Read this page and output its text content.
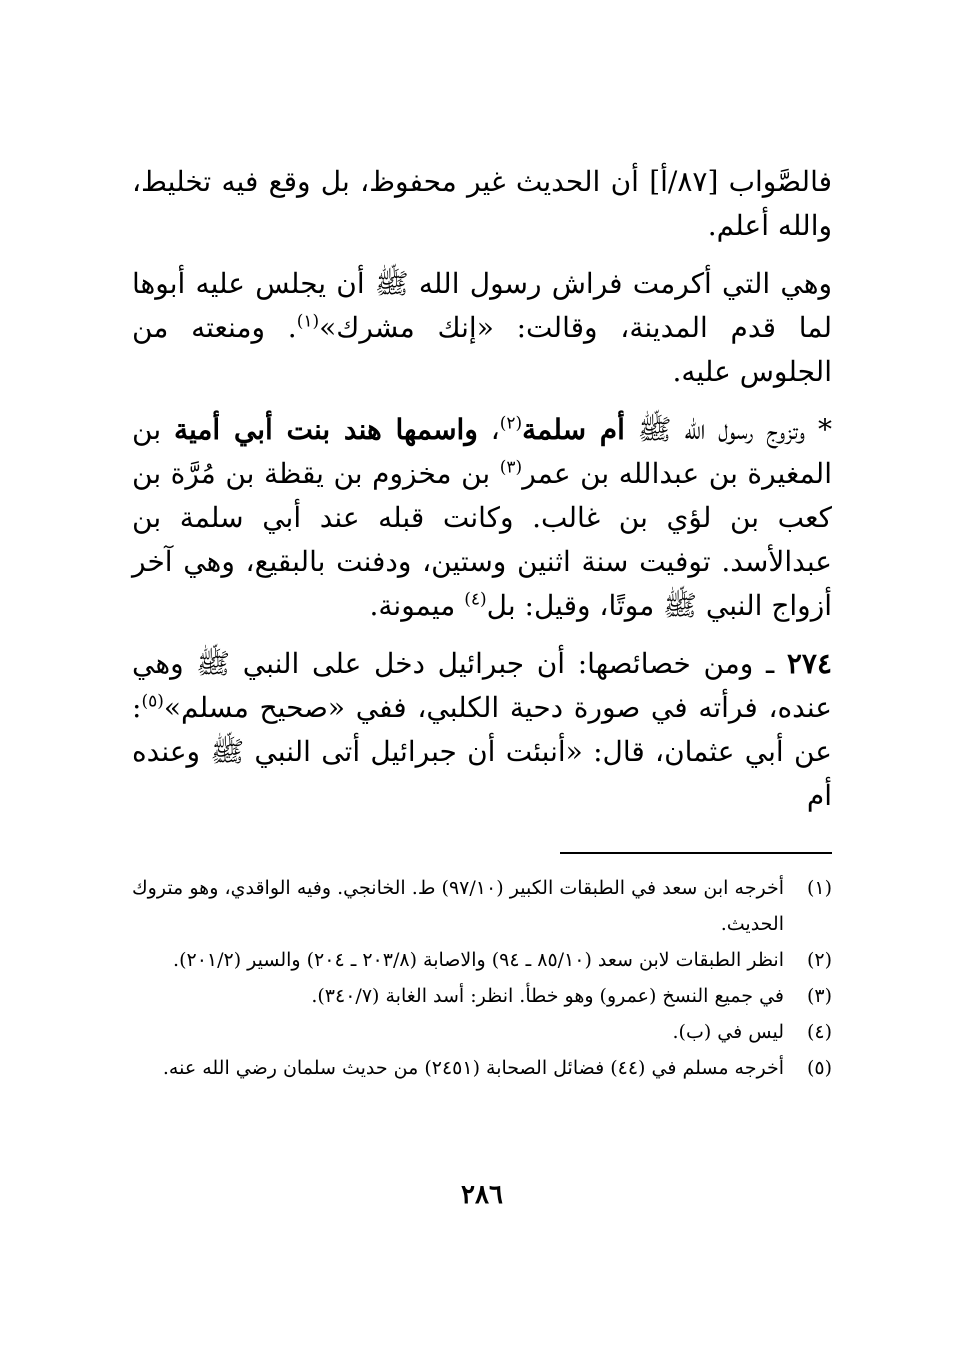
فالصَّواب [٨٧/أ] أن الحديث غير محفوظ، بل وقع فيه تخليط، والله أعلم.

وهي التي أكرمت فراش رسول الله ﷺ أن يجلس عليه أبوها لما قدم المدينة، وقالت: «إنك مشرك»$^{(١)}$. ومنعته من الجلوس عليه.

* وتزوج رسول الله ﷺ أم سلمة$^{(٢)}$، واسمها هند بنت أبي أمية بن المغيرة بن عبدالله بن عمر$^{(٣)}$ بن مخزوم بن يقظة بن مُرَّة بن كعب بن لؤي بن غالب. وكانت قبله عند أبي سلمة بن عبدالأسد. توفيت سنة اثنين وستين، ودفنت بالبقيع، وهي آخر أزواج النبي ﷺ موتًا، وقيل: بل$^{(٤)}$ ميمونة.

٢٧٤ ـ ومن خصائصها: أن جبرائيل دخل على النبي ﷺ وهي عنده، فرأته في صورة دحية الكلبي، ففي «صحيح مسلم»$^{(٥)}$: عن أبي عثمان، قال: «أنبئت أن جبرائيل أتى النبي ﷺ وعنده أم

(١)
أخرجه ابن سعد في الطبقات الكبير (٩٧/١٠) ط. الخانجي. وفيه الواقدي، وهو متروك الحديث.
(٢)
انظر الطبقات لابن سعد (٨٥/١٠ ـ ٩٤) والاصابة (٢٠٣/٨ ـ ٢٠٤) والسير (٢٠١/٢).
(٣)
في جميع النسخ (عمرو) وهو خطأ. انظر: أسد الغابة (٣٤٠/٧).
(٤)
ليس في (ب).
(٥)
أخرجه مسلم في (٤٤) فضائل الصحابة (٢٤٥١) من حديث سلمان رضي الله عنه.
٢٨٦
